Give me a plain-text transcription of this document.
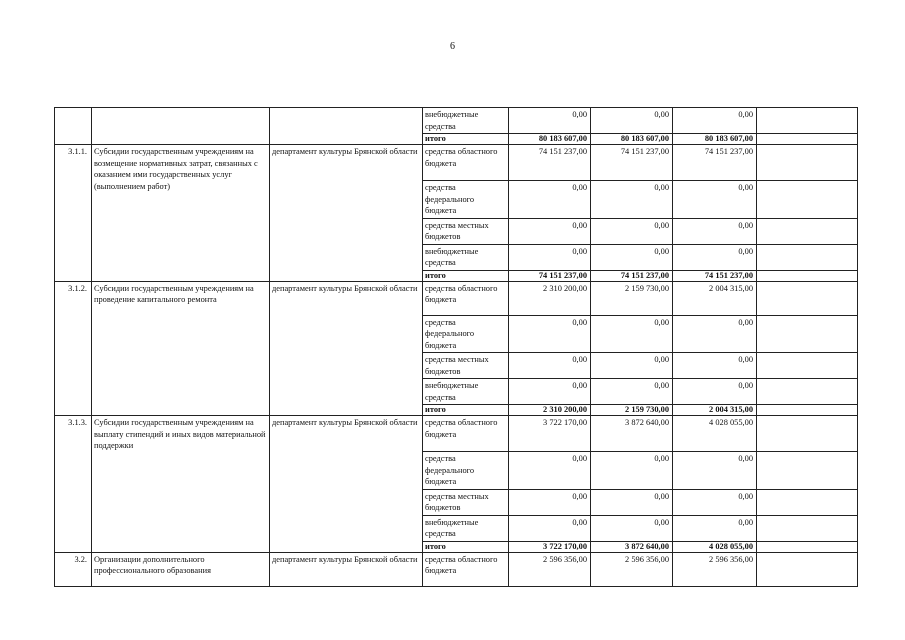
6
			внебюджетные средства	0,00	0,00	0,00	
			итого	80 183 607,00	80 183 607,00	80 183 607,00	
3.1.1.	Субсидии государственным учреждениям на возмещение нормативных затрат, связанных с оказанием ими государственных услуг (выполнением работ)	департамент культуры Брянской области	средства областного бюджета	74 151 237,00	74 151 237,00	74 151 237,00	
			средства федерального бюджета	0,00	0,00	0,00	
			средства местных бюджетов	0,00	0,00	0,00	
			внебюджетные средства	0,00	0,00	0,00	
			итого	74 151 237,00	74 151 237,00	74 151 237,00	
3.1.2.	Субсидии государственным учреждениям на проведение капитального ремонта	департамент культуры Брянской области	средства областного бюджета	2 310 200,00	2 159 730,00	2 004 315,00	
			средства федерального бюджета	0,00	0,00	0,00	
			средства местных бюджетов	0,00	0,00	0,00	
			внебюджетные средства	0,00	0,00	0,00	
			итого	2 310 200,00	2 159 730,00	2 004 315,00	
3.1.3.	Субсидии государственным учреждениям на выплату стипендий и иных видов материальной поддержки	департамент культуры Брянской области	средства областного бюджета	3 722 170,00	3 872 640,00	4 028 055,00	
			средства федерального бюджета	0,00	0,00	0,00	
			средства местных бюджетов	0,00	0,00	0,00	
			внебюджетные средства	0,00	0,00	0,00	
			итого	3 722 170,00	3 872 640,00	4 028 055,00	
3.2.	Организации дополнительного профессионального образования	департамент культуры Брянской области	средства областного бюджета	2 596 356,00	2 596 356,00	2 596 356,00	
